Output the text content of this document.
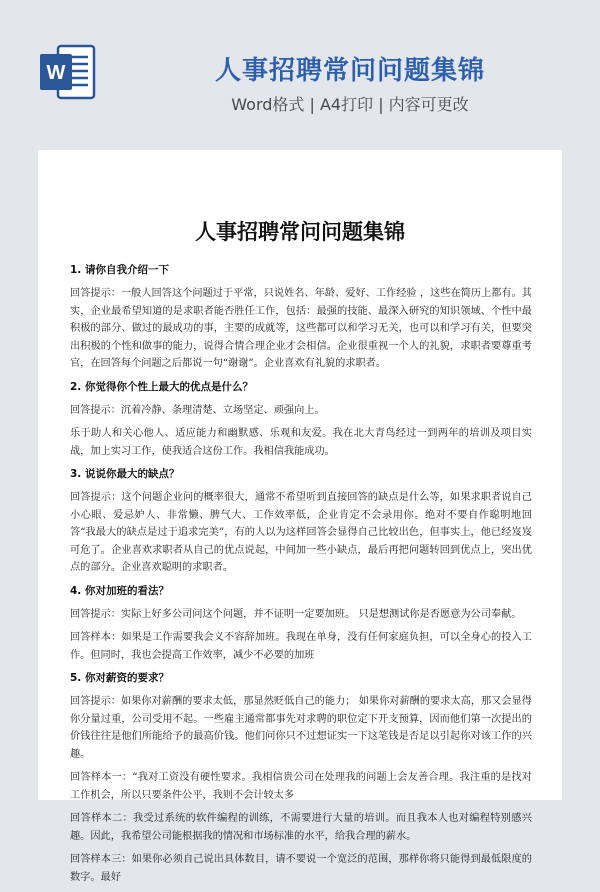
W	人事招聘常问问题集锦
Word格式 | A4打印 | 内容可更改
人事招聘常问问题集锦
1. 请你自我介绍一下

回答提示：一般人回答这个问题过于平常，只说姓名、年龄、爱好、工作经验 ，这些在简历上都有。其实，企业最希望知道的是求职者能否胜任工作，包括：最强的技能、最深入研究的知识领域、个性中最积极的部分、做过的最成功的事，主要的成就等，这些都可以和学习无关，也可以和学习有关，但要突出积极的个性和做事的能力，说得合情合理企业才会相信。企业很重视一个人的礼貌，求职者要尊重考官，在回答每个问题之后都说一句“谢谢”。企业喜欢有礼貌的求职者。

2. 你觉得你个性上最大的优点是什么？

回答提示：沉着冷静、条理清楚、立场坚定、顽强向上。

乐于助人和关心他人、适应能力和幽默感、乐观和友爱。我在北大青鸟经过一到两年的培训及项目实战，加上实习工作，使我适合这份工作。我相信我能成功。

3. 说说你最大的缺点？

回答提示：这个问题企业问的概率很大，通常不希望听到直接回答的缺点是什么等，如果求职者说自己小心眼、爱忌妒人、非常懒、脾气大、工作效率低，企业肯定不会录用你。绝对不要自作聪明地回答“我最大的缺点是过于追求完美”，有的人以为这样回答会显得自己比较出色，但事实上，他已经岌岌可危了。企业喜欢求职者从自己的优点说起，中间加一些小缺点，最后再把问题转回到优点上，突出优点的部分。企业喜欢聪明的求职者。

4. 你对加班的看法？

回答提示：实际上好多公司问这个问题，并不证明一定要加班。 只是想测试你是否愿意为公司奉献。

回答样本：如果是工作需要我会义不容辞加班。我现在单身，没有任何家庭负担，可以全身心的投入工作。但同时，我也会提高工作效率，减少不必要的加班

5. 你对薪资的要求？

回答提示：如果你对薪酬的要求太低，那显然贬低自己的能力； 如果你对薪酬的要求太高，那又会显得你分量过重，公司受用不起。一些雇主通常都事先对求聘的职位定下开支预算，因而他们第一次提出的价钱往往是他们所能给予的最高价钱。他们问你只不过想证实一下这笔钱是否足以引起你对该工作的兴趣。

回答样本一：“我对工资没有硬性要求。我相信贵公司在处理我的问题上会友善合理。我注重的是找对工作机会，所以只要条件公平，我则不会计较太多

回答样本二：我受过系统的软件编程的训练，不需要进行大量的培训。而且我本人也对编程特别感兴趣。因此，我希望公司能根据我的情况和市场标准的水平，给我合理的薪水。

回答样本三：如果你必须自己说出具体数目，请不要说一个宽泛的范围，那样你将只能得到最低限度的数字。最好
